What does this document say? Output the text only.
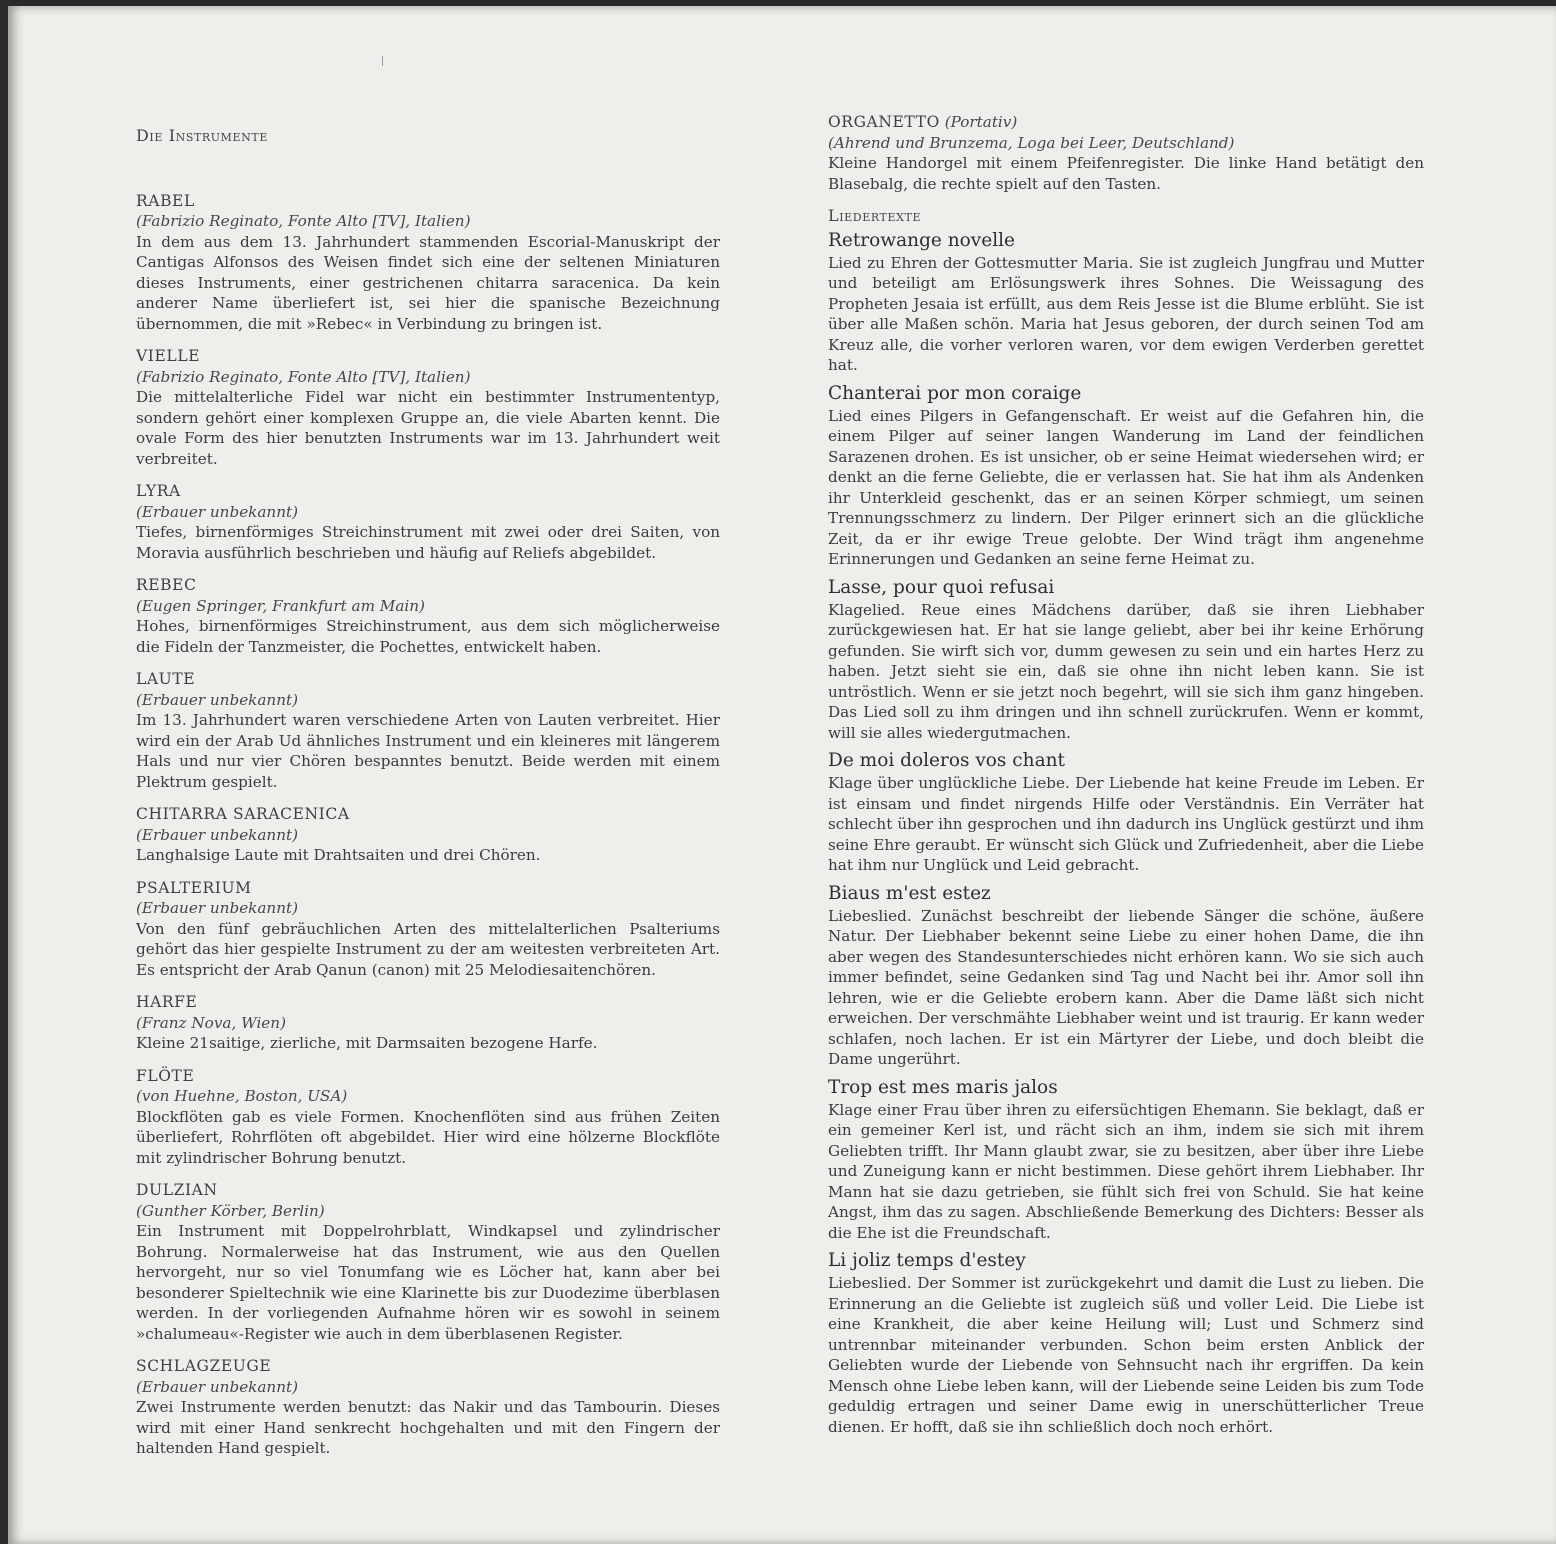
Die Instrumente
RABEL
(Fabrizio Reginato, Fonte Alto [TV], Italien)
In dem aus dem 13. Jahrhundert stammenden Escorial-Manuskript der Cantigas Alfonsos des Weisen findet sich eine der seltenen Miniaturen dieses Instruments, einer gestrichenen chitarra saracenica. Da kein anderer Name überliefert ist, sei hier die spanische Bezeichnung übernommen, die mit »Rebec« in Verbindung zu bringen ist.
VIELLE
(Fabrizio Reginato, Fonte Alto [TV], Italien)
Die mittelalterliche Fidel war nicht ein bestimmter Instrumententyp, sondern gehört einer komplexen Gruppe an, die viele Abarten kennt. Die ovale Form des hier benutzten Instruments war im 13. Jahrhundert weit verbreitet.
LYRA
(Erbauer unbekannt)
Tiefes, birnenförmiges Streichinstrument mit zwei oder drei Saiten, von Moravia ausführlich beschrieben und häufig auf Reliefs abgebildet.
REBEC
(Eugen Springer, Frankfurt am Main)
Hohes, birnenförmiges Streichinstrument, aus dem sich möglicherweise die Fideln der Tanzmeister, die Pochettes, entwickelt haben.
LAUTE
(Erbauer unbekannt)
Im 13. Jahrhundert waren verschiedene Arten von Lauten verbreitet. Hier wird ein der Arab Ud ähnliches Instrument und ein kleineres mit längerem Hals und nur vier Chören bespanntes benutzt. Beide werden mit einem Plektrum gespielt.
CHITARRA SARACENICA
(Erbauer unbekannt)
Langhalsige Laute mit Drahtsaiten und drei Chören.
PSALTERIUM
(Erbauer unbekannt)
Von den fünf gebräuchlichen Arten des mittelalterlichen Psalteriums gehört das hier gespielte Instrument zu der am weitesten verbreiteten Art. Es entspricht der Arab Qanun (canon) mit 25 Melodiesaitenchören.
HARFE
(Franz Nova, Wien)
Kleine 21saitige, zierliche, mit Darmsaiten bezogene Harfe.
FLÖTE
(von Huehne, Boston, USA)
Blockflöten gab es viele Formen. Knochenflöten sind aus frühen Zeiten überliefert, Rohrflöten oft abgebildet. Hier wird eine hölzerne Blockflöte mit zylindrischer Bohrung benutzt.
DULZIAN
(Gunther Körber, Berlin)
Ein Instrument mit Doppelrohrblatt, Windkapsel und zylindrischer Bohrung. Normalerweise hat das Instrument, wie aus den Quellen hervorgeht, nur so viel Tonumfang wie es Löcher hat, kann aber bei besonderer Spieltechnik wie eine Klarinette bis zur Duodezime überblasen werden. In der vorliegenden Aufnahme hören wir es sowohl in seinem »chalumeau«-Register wie auch in dem überblasenen Register.
SCHLAGZEUGE
(Erbauer unbekannt)
Zwei Instrumente werden benutzt: das Nakir und das Tambourin. Dieses wird mit einer Hand senkrecht hochgehalten und mit den Fingern der haltenden Hand gespielt.
ORGANETTO (Portativ)
(Ahrend und Brunzema, Loga bei Leer, Deutschland)
Kleine Handorgel mit einem Pfeifenregister. Die linke Hand betätigt den Blasebalg, die rechte spielt auf den Tasten.
Liedertexte
Retrowange novelle
Lied zu Ehren der Gottesmutter Maria. Sie ist zugleich Jungfrau und Mutter und beteiligt am Erlösungswerk ihres Sohnes. Die Weissagung des Propheten Jesaia ist erfüllt, aus dem Reis Jesse ist die Blume erblüht. Sie ist über alle Maßen schön. Maria hat Jesus geboren, der durch seinen Tod am Kreuz alle, die vorher verloren waren, vor dem ewigen Verderben gerettet hat.
Chanterai por mon coraige
Lied eines Pilgers in Gefangenschaft. Er weist auf die Gefahren hin, die einem Pilger auf seiner langen Wanderung im Land der feindlichen Sarazenen drohen. Es ist unsicher, ob er seine Heimat wiedersehen wird; er denkt an die ferne Geliebte, die er verlassen hat. Sie hat ihm als Andenken ihr Unterkleid geschenkt, das er an seinen Körper schmiegt, um seinen Trennungsschmerz zu lindern. Der Pilger erinnert sich an die glückliche Zeit, da er ihr ewige Treue gelobte. Der Wind trägt ihm angenehme Erinnerungen und Gedanken an seine ferne Heimat zu.
Lasse, pour quoi refusai
Klagelied. Reue eines Mädchens darüber, daß sie ihren Liebhaber zurückgewiesen hat. Er hat sie lange geliebt, aber bei ihr keine Erhörung gefunden. Sie wirft sich vor, dumm gewesen zu sein und ein hartes Herz zu haben. Jetzt sieht sie ein, daß sie ohne ihn nicht leben kann. Sie ist untröstlich. Wenn er sie jetzt noch begehrt, will sie sich ihm ganz hingeben. Das Lied soll zu ihm dringen und ihn schnell zurückrufen. Wenn er kommt, will sie alles wiedergutmachen.
De moi doleros vos chant
Klage über unglückliche Liebe. Der Liebende hat keine Freude im Leben. Er ist einsam und findet nirgends Hilfe oder Verständnis. Ein Verräter hat schlecht über ihn gesprochen und ihn dadurch ins Unglück gestürzt und ihm seine Ehre geraubt. Er wünscht sich Glück und Zufriedenheit, aber die Liebe hat ihm nur Unglück und Leid gebracht.
Biaus m'est estez
Liebeslied. Zunächst beschreibt der liebende Sänger die schöne, äußere Natur. Der Liebhaber bekennt seine Liebe zu einer hohen Dame, die ihn aber wegen des Standesunterschiedes nicht erhören kann. Wo sie sich auch immer befindet, seine Gedanken sind Tag und Nacht bei ihr. Amor soll ihn lehren, wie er die Geliebte erobern kann. Aber die Dame läßt sich nicht erweichen. Der verschmähte Liebhaber weint und ist traurig. Er kann weder schlafen, noch lachen. Er ist ein Märtyrer der Liebe, und doch bleibt die Dame ungerührt.
Trop est mes maris jalos
Klage einer Frau über ihren zu eifersüchtigen Ehemann. Sie beklagt, daß er ein gemeiner Kerl ist, und rächt sich an ihm, indem sie sich mit ihrem Geliebten trifft. Ihr Mann glaubt zwar, sie zu besitzen, aber über ihre Liebe und Zuneigung kann er nicht bestimmen. Diese gehört ihrem Liebhaber. Ihr Mann hat sie dazu getrieben, sie fühlt sich frei von Schuld. Sie hat keine Angst, ihm das zu sagen. Abschließende Bemerkung des Dichters: Besser als die Ehe ist die Freundschaft.
Li joliz temps d'estey
Liebeslied. Der Sommer ist zurückgekehrt und damit die Lust zu lieben. Die Erinnerung an die Geliebte ist zugleich süß und voller Leid. Die Liebe ist eine Krankheit, die aber keine Heilung will; Lust und Schmerz sind untrennbar miteinander verbunden. Schon beim ersten Anblick der Geliebten wurde der Liebende von Sehnsucht nach ihr ergriffen. Da kein Mensch ohne Liebe leben kann, will der Liebende seine Leiden bis zum Tode geduldig ertragen und seiner Dame ewig in unerschütterlicher Treue dienen. Er hofft, daß sie ihn schließlich doch noch erhört.
